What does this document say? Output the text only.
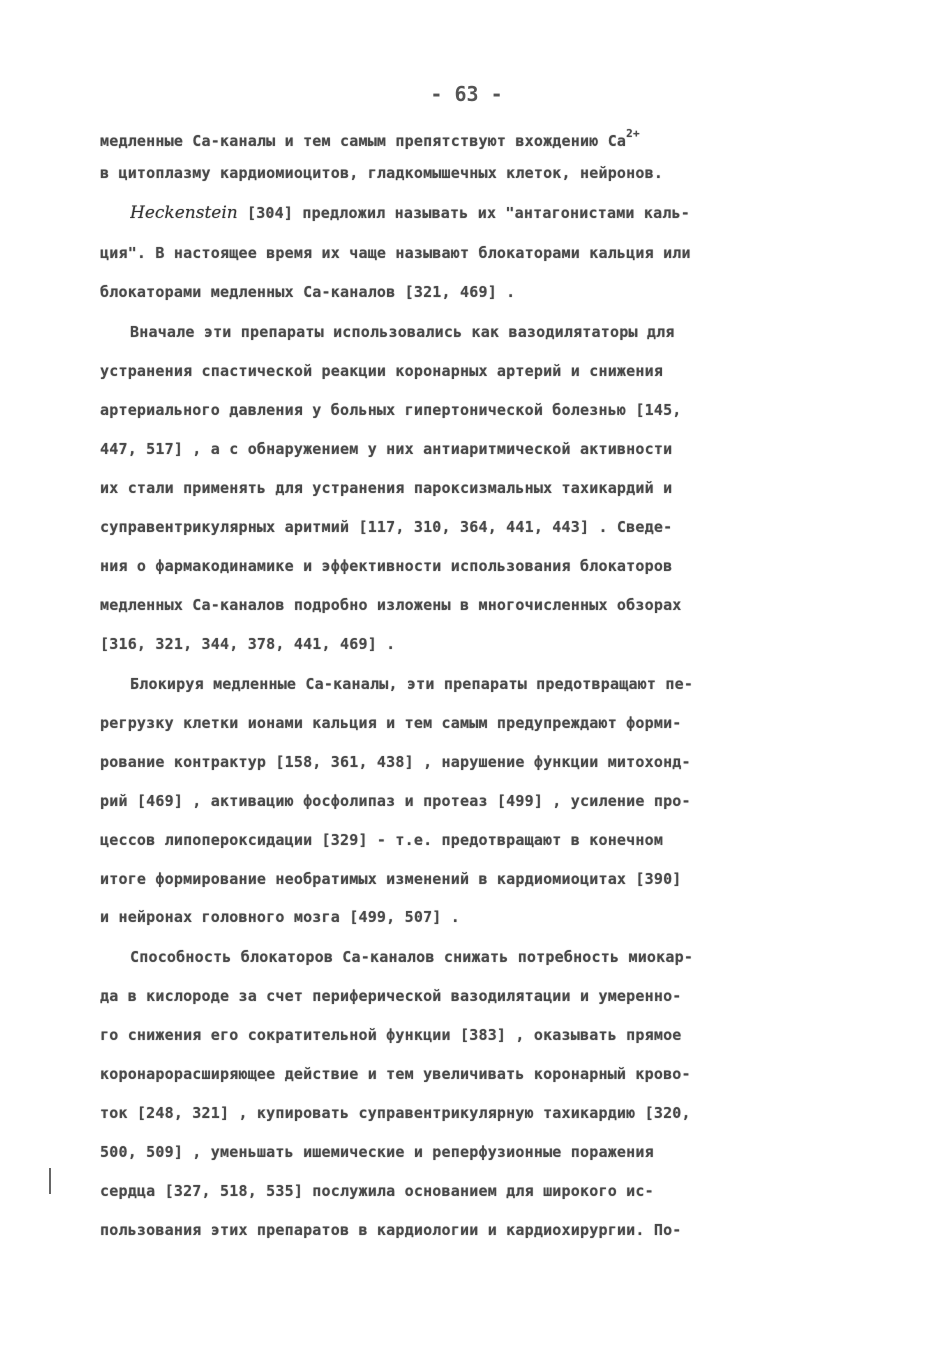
- 63 -
медленные Са-каналы и тем самым препятствуют вхождению $Са^{2+}$
в цитоплазму кардиомиоцитов, гладкомышечных клеток, нейронов.
Heckenstein [304] предложил называть их "антагонистами каль-
ция". В настоящее время их чаще называют блокаторами кальция или
блокаторами медленных Са-каналов [321, 469] .
Вначале эти препараты использовались как вазодилятаторы для
устранения спастической реакции коронарных артерий и снижения
артериального давления у больных гипертонической болезнью [145,
447, 517] , а с обнаружением у них антиаритмической активности
их стали применять для устранения пароксизмальных тахикардий и
суправентрикулярных аритмий [117, 310, 364, 441, 443] . Сведе-
ния о фармакодинамике и эффективности использования блокаторов
медленных Са-каналов подробно изложены в многочисленных обзорах
[316, 321, 344, 378, 441, 469] .
Блокируя медленные Са-каналы, эти препараты предотвращают пе-
регрузку клетки ионами кальция и тем самым предупреждают форми-
рование контрактур [158, 361, 438] , нарушение функции митохонд-
рий [469] , активацию фосфолипаз и протеаз [499] , усиление про-
цессов липопероксидации [329] - т.е. предотвращают в конечном
итоге формирование необратимых изменений в кардиомиоцитах [390]
и нейронах головного мозга [499, 507] .
Способность блокаторов Са-каналов снижать потребность миокар-
да в кислороде за счет периферической вазодилятации и умеренно-
го снижения его сократительной функции [383] , оказывать прямое
коронарорасширяющее действие и тем увеличивать коронарный крово-
ток [248, 321] , купировать суправентрикулярную тахикардию [320,
500, 509] , уменьшать ишемические и реперфузионные поражения
сердца [327, 518, 535] послужила основанием для широкого ис-
пользования этих препаратов в кардиологии и кардиохирургии. По-
